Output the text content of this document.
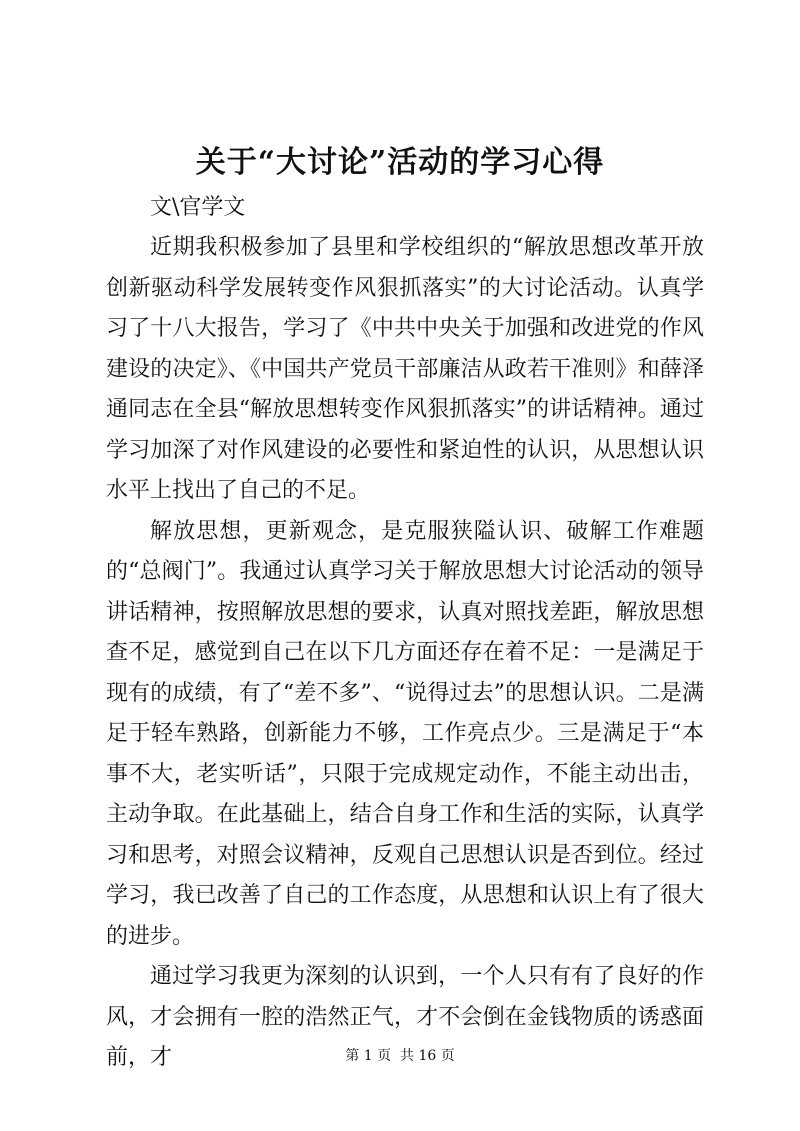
关于“大讨论”活动的学习心得
文\官学文

近期我积极参加了县里和学校组织的“解放思想改革开放创新驱动科学发展转变作风狠抓落实”的大讨论活动。认真学习了十八大报告，学习了《中共中央关于加强和改进党的作风建设的决定》、《中国共产党员干部廉洁从政若干准则》和薛泽通同志在全县“解放思想转变作风狠抓落实”的讲话精神。通过学习加深了对作风建设的必要性和紧迫性的认识，从思想认识水平上找出了自己的不足。

解放思想，更新观念，是克服狭隘认识、破解工作难题的“总阀门”。我通过认真学习关于解放思想大讨论活动的领导讲话精神，按照解放思想的要求，认真对照找差距，解放思想查不足，感觉到自己在以下几方面还存在着不足：一是满足于现有的成绩，有了“差不多”、“说得过去”的思想认识。二是满足于轻车熟路，创新能力不够，工作亮点少。三是满足于“本事不大，老实听话”，只限于完成规定动作，不能主动出击，主动争取。在此基础上，结合自身工作和生活的实际，认真学习和思考，对照会议精神，反观自己思想认识是否到位。经过学习，我已改善了自己的工作态度，从思想和认识上有了很大的进步。

通过学习我更为深刻的认识到，一个人只有有了良好的作风，才会拥有一腔的浩然正气，才不会倒在金钱物质的诱惑面前，才	第 1 页  共 16 页
